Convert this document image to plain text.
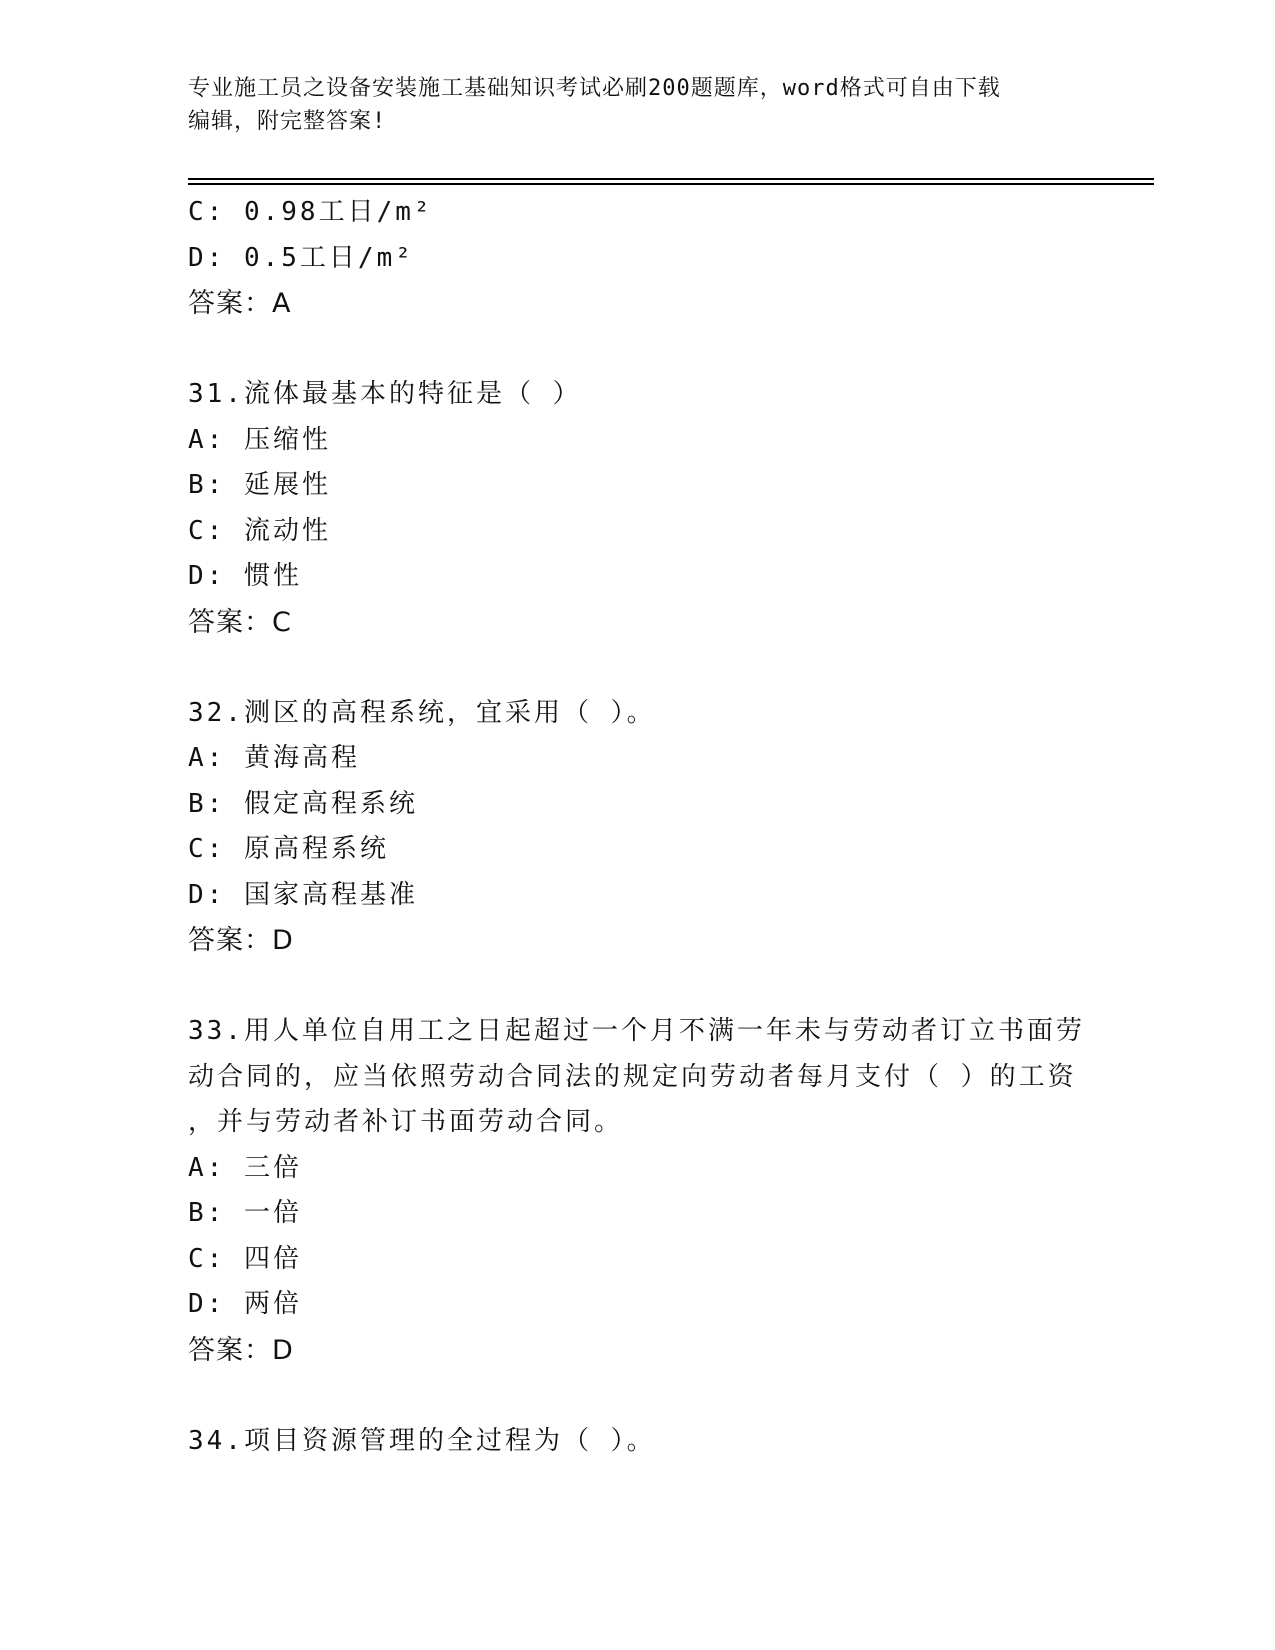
专业施工员之设备安装施工基础知识考试必刷200题题库，word格式可自由下载
编辑，附完整答案!
C: 0.98工日/m²
D: 0.5工日/m²
答案：A
31.流体最基本的特征是（ ）
A: 压缩性
B: 延展性
C: 流动性
D: 惯性
答案：C
32.测区的高程系统，宜采用（ ）。
A: 黄海高程
B: 假定高程系统
C: 原高程系统
D: 国家高程基准
答案：D
33.用人单位自用工之日起超过一个月不满一年未与劳动者订立书面劳
动合同的，应当依照劳动合同法的规定向劳动者每月支付（ ）的工资
，并与劳动者补订书面劳动合同。
A: 三倍
B: 一倍
C: 四倍
D: 两倍
答案：D
34.项目资源管理的全过程为（ ）。
